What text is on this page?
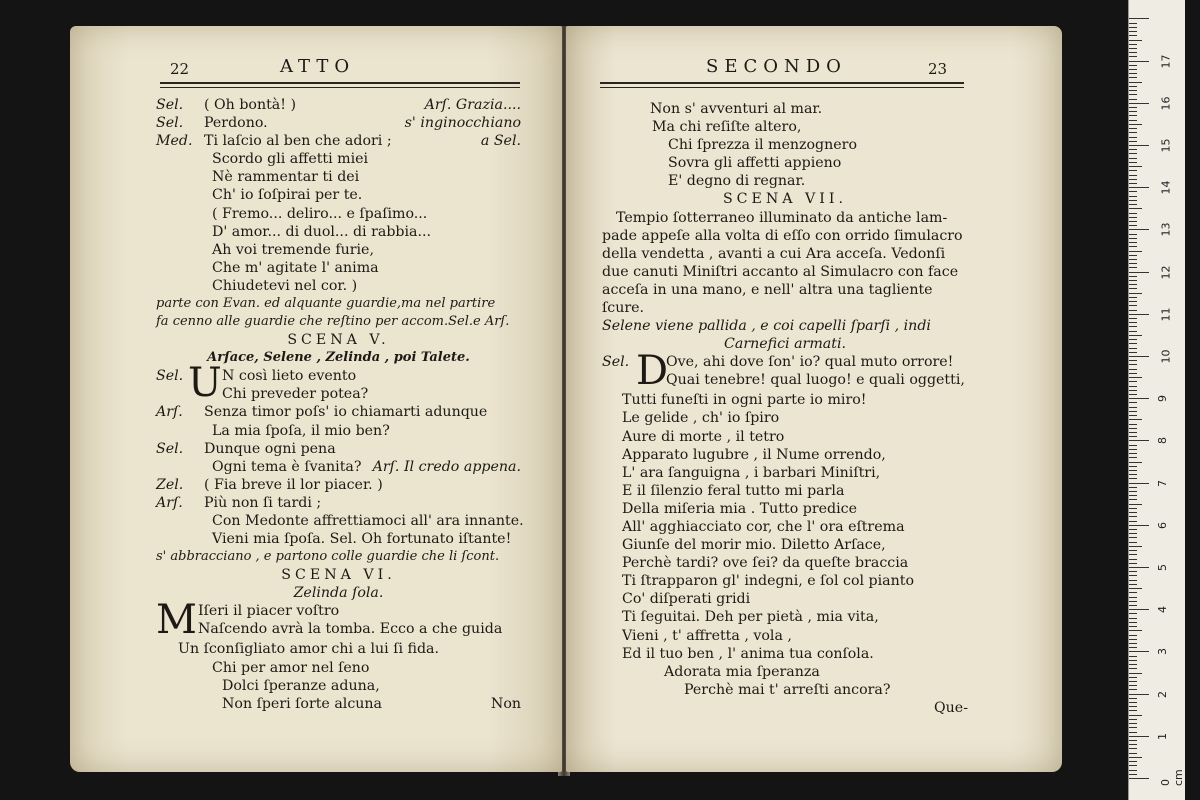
22	ATTO
Sel. ( Oh bontà! )	Arſ. Grazia....
Sel. Perdono.	s' inginocchiano
Med. Ti laſcio al ben che adori ;	a Sel.
Scordo gli affetti miei
Nè rammentar ti dei
Ch' io ſoſpirai per te.
( Fremo... deliro... e ſpaſimo...
D' amor... di duol... di rabbia...
Ah voi tremende furie,
Che m' agitate l' anima
Chiudetevi nel cor. )
parte con Evan. ed alquante guardie,ma nel partire
fa cenno alle guardie che reſtino per accom.Sel.e Arſ.
SCENA V.
Arſace, Selene , Zelinda , poi Talete.
Sel. U N così lieto evento
Chi preveder potea?
Arſ. Senza timor poſs' io chiamarti adunque
La mia ſpoſa, il mio ben?
Sel. Dunque ogni pena
Ogni tema è ſvanita? Arſ. Il credo appena.
Zel. ( Fia breve il lor piacer. )
Arſ. Più non ſi tardi ;
Con Medonte affrettiamoci all' ara innante.
Vieni mia ſpoſa. Sel. Oh fortunato iſtante!
s' abbracciano , e partono colle guardie che li ſcont.
SCENA VI.
Zelinda ſola.
M Iſeri il piacer voſtro
Naſcendo avrà la tomba. Ecco a che guida
Un ſconſigliato amor chi a lui ſi fida.
Chi per amor nel ſeno
Dolci ſperanze aduna,
Non ſperi ſorte alcuna	Non
SECONDO	23
Non s' avventuri al mar.
Ma chi reſiſte altero,
Chi ſprezza il menzognero
Sovra gli affetti appieno
E' degno di regnar.
SCENA VII.
Tempio ſotterraneo illuminato da antiche lam-
pade appeſe alla volta di eſſo con orrido ſimulacro
della vendetta , avanti a cui Ara acceſa. Vedonſi
due canuti Miniſtri accanto al Simulacro con face
acceſa in una mano, e nell' altra una tagliente
ſcure.
Selene viene pallida , e coi capelli ſparſi , indi
Carnefici armati.
Sel. D
Ove, ahi dove ſon' io? qual muto orrore!
Quai tenebre! qual luogo! e quali oggetti,
Tutti funeſti in ogni parte io miro!
Le gelide , ch' io ſpiro
Aure di morte , il tetro
Apparato lugubre , il Nume orrendo,
L' ara ſanguigna , i barbari Miniſtri,
E il ſilenzio feral tutto mi parla
Della miſeria mia . Tutto predice
All' agghiacciato cor, che l' ora eſtrema
Giunſe del morir mio. Diletto Arſace,
Perchè tardi? ove ſei? da queſte braccia
Ti ſtrapparon gl' indegni, e ſol col pianto
Co' diſperati gridi
Ti ſeguitai. Deh per pietà , mia vita,
Vieni , t' affretta , vola ,
Ed il tuo ben , l' anima tua conſola.
Adorata mia ſperanza
Perchè mai t' arreſti ancora?
Que-
0 cm
1
2
3
4
5
6
7
8
9
10
11
12
13
14
15
16
17
